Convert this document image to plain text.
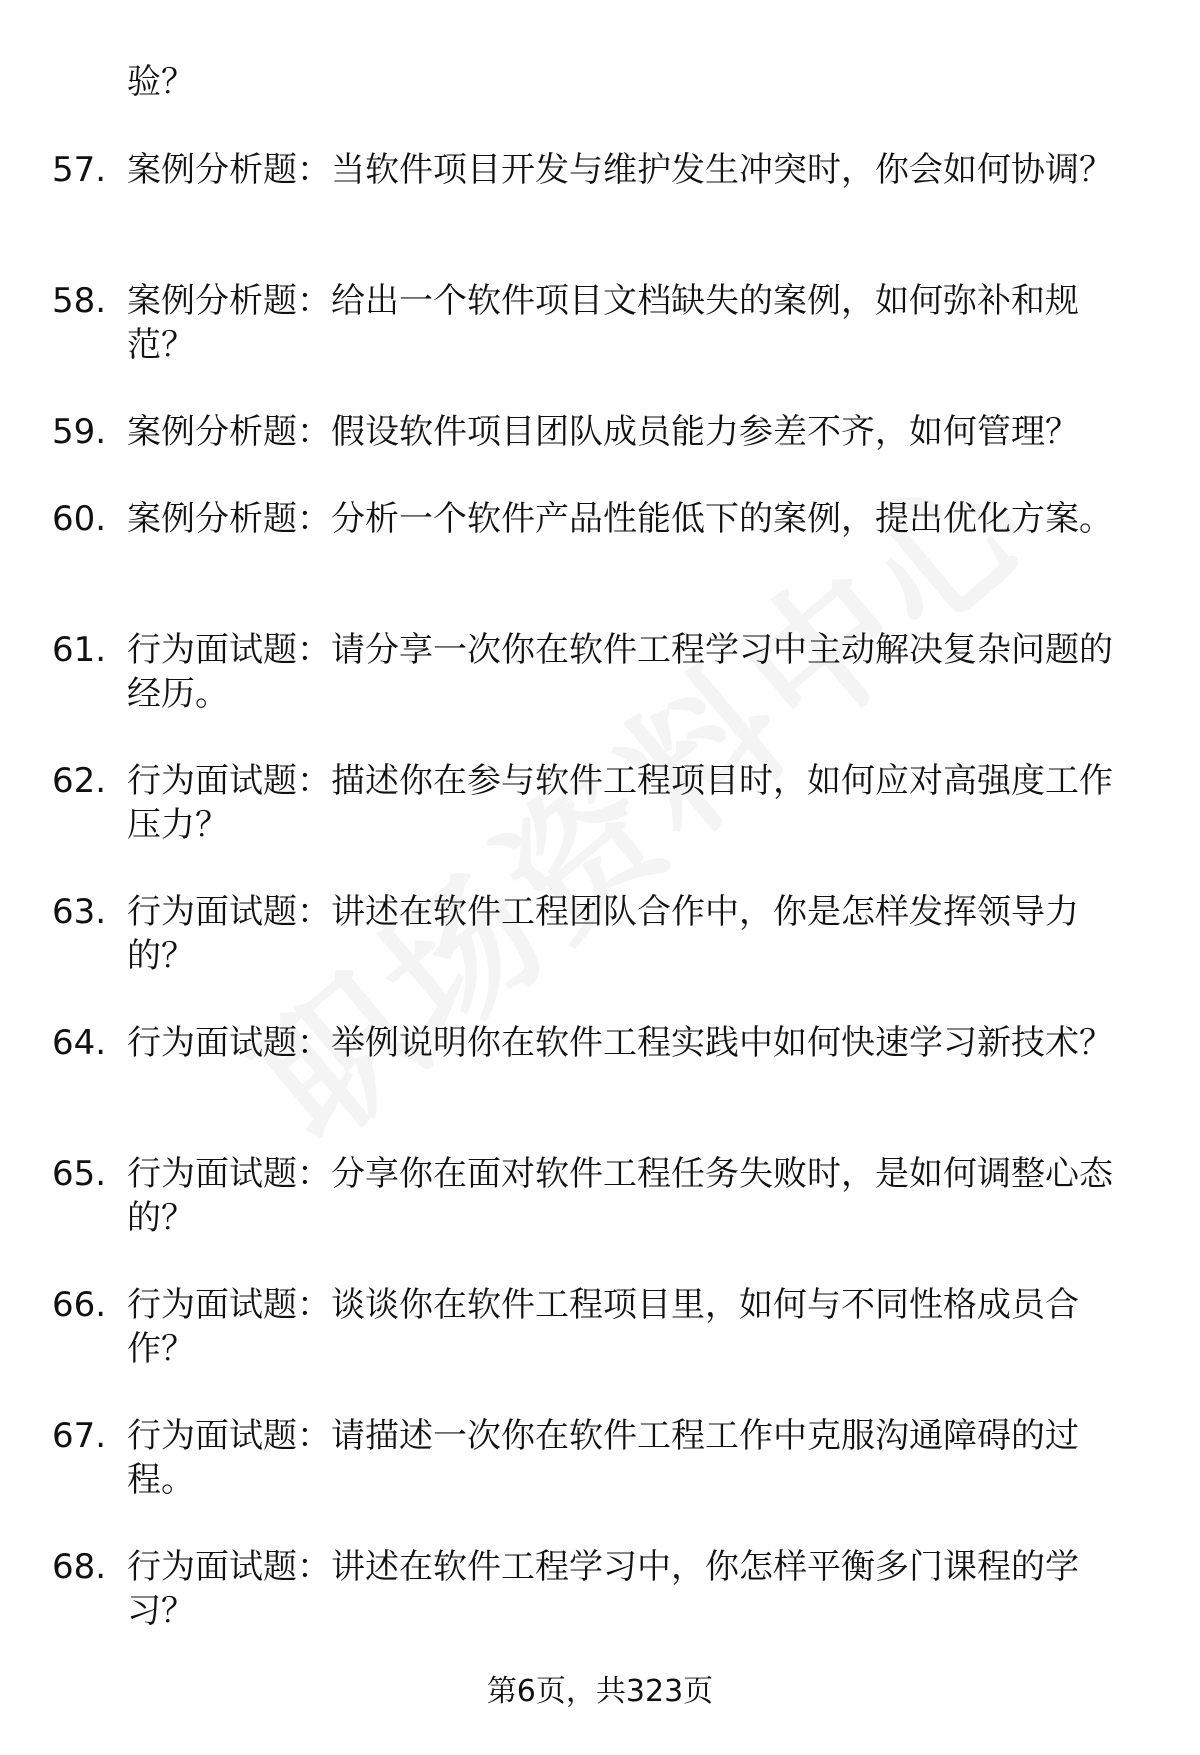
验？
57. 案例分析题：当软件项目开发与维护发生冲突时，你会如何协调？
58. 案例分析题：给出一个软件项目文档缺失的案例，如何弥补和规范？
59. 案例分析题：假设软件项目团队成员能力参差不齐，如何管理？
60. 案例分析题：分析一个软件产品性能低下的案例，提出优化方案。
61. 行为面试题：请分享一次你在软件工程学习中主动解决复杂问题的经历。
62. 行为面试题：描述你在参与软件工程项目时，如何应对高强度工作压力？
63. 行为面试题：讲述在软件工程团队合作中，你是怎样发挥领导力的？
64. 行为面试题：举例说明你在软件工程实践中如何快速学习新技术？
65. 行为面试题：分享你在面对软件工程任务失败时，是如何调整心态的？
66. 行为面试题：谈谈你在软件工程项目里，如何与不同性格成员合作？
67. 行为面试题：请描述一次你在软件工程工作中克服沟通障碍的过程。
68. 行为面试题：讲述在软件工程学习中，你怎样平衡多门课程的学习？
第6页，共323页
